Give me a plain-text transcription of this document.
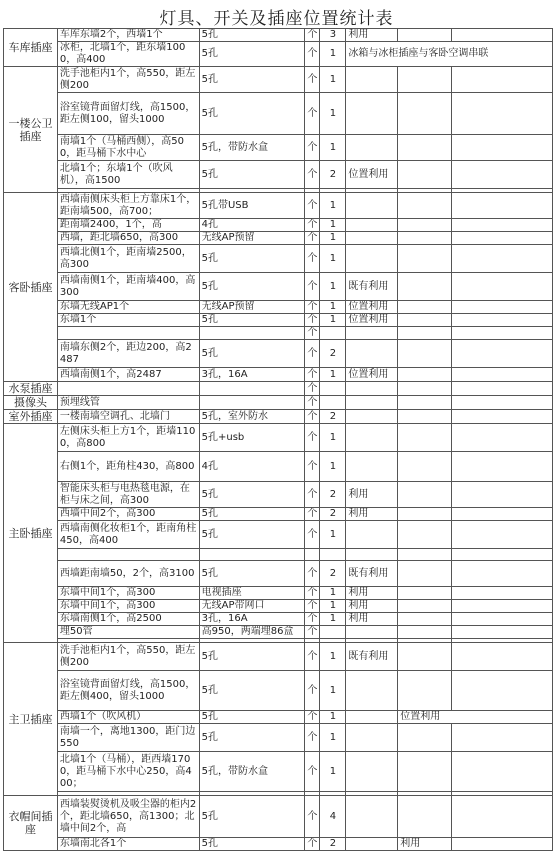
灯具、开关及插座位置统计表
车库插座	车库东墙2个，西墙1个	5孔	个	3	利用		
	冰柜，北墙1个，距东墙1000，高400	5孔	个	1	冰箱与冰柜插座与客卧空调串联		
一楼公卫插座	洗手池柜内1个，高550，距左侧200	5孔	个	1			
	浴室镜背面留灯线，高1500，距左侧100，留头1000	5孔	个	1			
	南墙1个（马桶西侧），高500，距马桶下水中心	5孔，带防水盒	个	1			
	北墙1个；东墙1个（吹风机），高1500	5孔	个	2	位置利用		

客卧插座	西墙南侧床头柜上方靠床1个，距南墙500，高700；	5孔带USB	个	1			
	距南墙2400，1个，高	4孔	个	1			
	西墙，距北墙650，高300	无线AP预留	个	1			
	西墙北侧1个，距南墙2500，高300	5孔	个	1			
	西墙南侧1个，距南墙400，高300	5孔	个	1	既有利用		
	东墙无线AP1个	无线AP预留	个	1	位置利用		
	东墙1个	5孔	个	1	位置利用		
			个				
	南墙东侧2个，距边200，高2487	5孔	个	2			
	西墙南侧1个，高2487	3孔，16A	个	1	位置利用		
水泵插座			个				
摄像头	预埋线管		个				
室外插座	一楼南墙空调孔、北墙门	5孔，室外防水	个	2			
主卧插座	左侧床头柜上方1个，距墙1100，高800	5孔+usb	个	1			
	右侧1个，距角柱430，高800	4孔	个	1			
	智能床头柜与电热毯电源，在柜与床之间，高300	5孔	个	2	利用		
	西墙中间2个，高300	5孔	个	2	利用		
	西墙南侧化妆柜1个，距南角柱450，高400	5孔	个	1			

	西墙距南墙50，2个，高3100	5孔	个	2	既有利用		
	东墙中间1个，高300	电视插座	个	1	利用		
	东墙中间1个，高300	无线AP带网口	个	1	利用		
	东墙南侧1个，高2500	3孔，16A	个	1	利用		
	埋50管	高950，两端埋86盒	个				

主卫插座	洗手池柜内1个，高550，距左侧200	5孔	个	1	既有利用		
	浴室镜背面留灯线，高1500，距左侧400，留头1000	5孔	个	1			
	西墙1个（吹风机）	5孔	个	1		位置利用	
	南墙一个，离地1300，距门边550	5孔	个	1			
	北墙1个（马桶），距西墙1700，距马桶下水中心250，高400；	5孔，带防水盒	个	1			

衣帽间插座	西墙装熨烫机及吸尘器的柜内2个，距北墙650，高1300；北墙中间2个，高	5孔	个	4			
	东墙南北各1个	5孔	个	2		利用	
